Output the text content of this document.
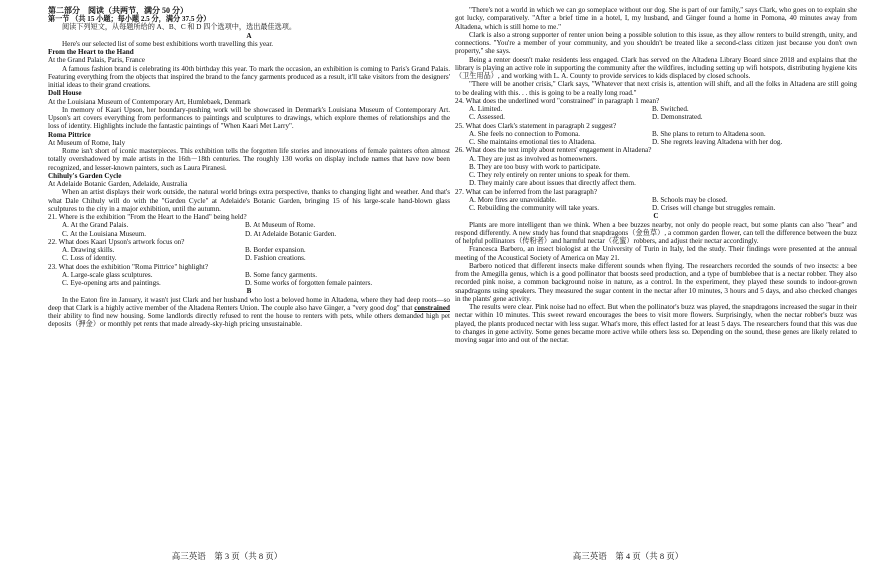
第二部分　阅读（共两节，满分 50 分）

第一节 （共 15 小题；每小题 2.5 分，满分 37.5 分）

阅读下列短文，从每题所给的 A、B、C 和 D 四个选项中，选出最佳选项。

A

Here's our selected list of some best exhibitions worth travelling this year.

From the Heart to the Hand

At the Grand Palais, Paris, France

A famous fashion brand is celebrating its 40th birthday this year. To mark the occasion, an exhibition is coming to Paris's Grand Palais. Featuring everything from the objects that inspired the brand to the fancy garments produced as a result, it'll take visitors from the designers' initial ideas to their grand creations.

Doll House

At the Louisiana Museum of Contemporary Art, Humlebaek, Denmark

In memory of Kaari Upson, her boundary-pushing work will be showcased in Denmark's Louisiana Museum of Contemporary Art. Upson's art covers everything from performances to paintings and sculptures to drawings, which explore themes of relationships and the loss of identity. Highlights include the fantastic paintings of "When Kaari Met Larry".

Roma Pittrice

At Museum of Rome, Italy

Rome isn't short of iconic masterpieces. This exhibition tells the forgotten life stories and innovations of female painters often almost totally overshadowed by male artists in the 16th－18th centuries. The roughly 130 works on display include names that have now been recognized, and lesser-known painters, such as Laura Piranesi.

Chihuly's Garden Cycle

At Adelaide Botanic Garden, Adelaide, Australia

When an artist displays their work outside, the natural world brings extra perspective, thanks to changing light and weather. And that's what Dale Chihuly will do with the "Garden Cycle" at Adelaide's Botanic Garden, bringing 15 of his large-scale hand-blown glass sculptures to the city in a major exhibition, until the autumn.

21. Where is the exhibition "From the Heart to the Hand" being held?

A. At the Grand Palais.	B. At Museum of Rome.
C. At the Louisiana Museum.	D. At Adelaide Botanic Garden.

22. What does Kaari Upson's artwork focus on?

A. Drawing skills.	B. Border expansion.
C. Loss of identity.	D. Fashion creations.

23. What does the exhibition "Roma Pittrice" highlight?

A. Large-scale glass sculptures.	B. Some fancy garments.
C. Eye-opening arts and paintings.	D. Some works of forgotten female painters.

B

In the Eaton fire in January, it wasn't just Clark and her husband who lost a beloved home in Altadena, where they had deep roots—so deep that Clark is a highly active member of the Altadena Renters Union. The couple also have Ginger, a "very good dog" that constrained their ability to find new housing. Some landlords directly refused to rent the house to renters with pets, while others demanded high pet deposits（押金）or monthly pet rents that made already-sky-high pricing unsustainable.

"There's not a world in which we can go someplace without our dog. She is part of our family," says Clark, who goes on to explain she got lucky, comparatively. "After a brief time in a hotel, I, my husband, and Ginger found a home in Pomona, 40 minutes away from Altadena, which is still home to me."

Clark is also a strong supporter of renter union being a possible solution to this issue, as they allow renters to build strength, unity, and connections. "You're a member of your community, and you shouldn't be treated like a second-class citizen just because you don't own property," she says.

Being a renter doesn't make residents less engaged. Clark has served on the Altadena Library Board since 2018 and explains that the library is playing an active role in supporting the community after the wildfires, including setting up wifi hotspots, distributing hygiene kits（卫生用品）, and working with L. A. County to provide services to kids displaced by closed schools.

"There will be another crisis," Clark says, "Whatever that next crisis is, attention will shift, and all the folks in Altadena are still going to be dealing with this. . . this is going to be a really long road."

24. What does the underlined word "constrained" in paragraph 1 mean?

A. Limited.	B. Switched.
C. Assessed.	D. Demonstrated.

25. What does Clark's statement in paragraph 2 suggest?

A. She feels no connection to Pomona.	B. She plans to return to Altadena soon.
C. She maintains emotional ties to Altadena.	D. She regrets leaving Altadena with her dog.

26. What does the text imply about renters' engagement in Altadena?

A. They are just as involved as homeowners.

B. They are too busy with work to participate.

C. They rely entirely on renter unions to speak for them.

D. They mainly care about issues that directly affect them.

27. What can be inferred from the last paragraph?

A. More fires are unavoidable.	B. Schools may be closed.
C. Rebuilding the community will take years.	D. Crises will change but struggles remain.

C

Plants are more intelligent than we think. When a bee buzzes nearby, not only do people react, but some plants can also "hear" and respond differently. A new study has found that snapdragons（金鱼草）, a common garden flower, can tell the difference between the buzz of helpful pollinators（传粉者）and harmful nectar（花蜜）robbers, and adjust their nectar accordingly.

Francesca Barbero, an insect biologist at the University of Turin in Italy, led the study. Their findings were presented at the annual meeting of the Acoustical Society of America on May 21.

Barbero noticed that different insects make different sounds when flying. The researchers recorded the sounds of two insects: a bee from the Amegilla genus, which is a good pollinator that boosts seed production, and a type of bumblebee that is a nectar robber. They also recorded pink noise, a common background noise in nature, as a control. In the experiment, they played these sounds to indoor-grown snapdragons using speakers. They measured the sugar content in the nectar after 10 minutes, 3 hours and 5 days, and also checked changes in the plants' gene activity.

The results were clear. Pink noise had no effect. But when the pollinator's buzz was played, the snapdragons increased the sugar in their nectar within 10 minutes. This sweet reward encourages the bees to visit more flowers. Surprisingly, when the nectar robber's buzz was played, the plants produced nectar with less sugar. What's more, this effect lasted for at least 5 days. The researchers found that this was due to changes in gene activity. Some genes became more active while others less so. Depending on the sound, these genes are likely related to moving sugar into and out of the nectar.

高三英语　第 3 页（共 8 页）	高三英语　第 4 页（共 8 页）
